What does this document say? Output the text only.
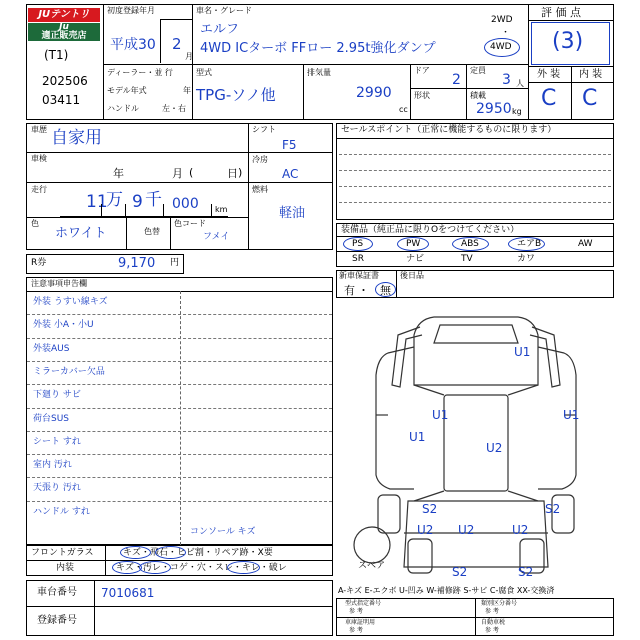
JUテントリ
Ju
適正販売店
(T1)
202506
03411
初度登録年月
平成30 2
月
車名・グレード
エルフ
4WD ICターボ FFロー 2.95t強化ダンプ
2WD
・
4WD
評 価 点
(3)
外 装 内 装
C C
ディーラー・並 行
モデル年式	年
ハンドル	左・右
型式
TPG-ソノ他
排気量
2990
cc
ドア
2
定員
3 人
形状	積載
2950 kg
車歴 自家用
車検
年	月 (	日 )
走行
11
万 9 千 000 km
色
ホワイト	色替
色コード
フメイ
シフト
F5
冷房
AC
燃料
軽油
R券	9,170 円
注意事項申告欄
外装 うすい線キズ
外装 小A・小U
外装AUS
ミラーカバー欠品
下廻り サビ
荷台SUS
シート すれ
室内 汚れ
天張り 汚れ
ハンドル すれ
コンソール キズ
フロントガラス	キズ・飛石・ヒビ割・リペア跡・X要
内装	キズ・汚レ・コゲ・穴・スレ・キレ・破レ
車台番号 7010681
登録番号
セールスポイント（正常に機能するものに限ります）
装備品（純正品に限りOをつけてください）
PS	PW	ABS	エアB	AW
SR	ナビ	TV	カワ
新車保証書
有 ・ 無
後日品
U1
U1	U1
U1
U2
S2	S2
U2 U2	U2
S2	S2
スペア
A-キズ E-エクボ U-凹み W-補修跡 S-サビ C-腐食 XX-交換済
型式指定番号
参 考
類別区分番号
参 考
車庫証明用
参 考
自動車税
参 考
